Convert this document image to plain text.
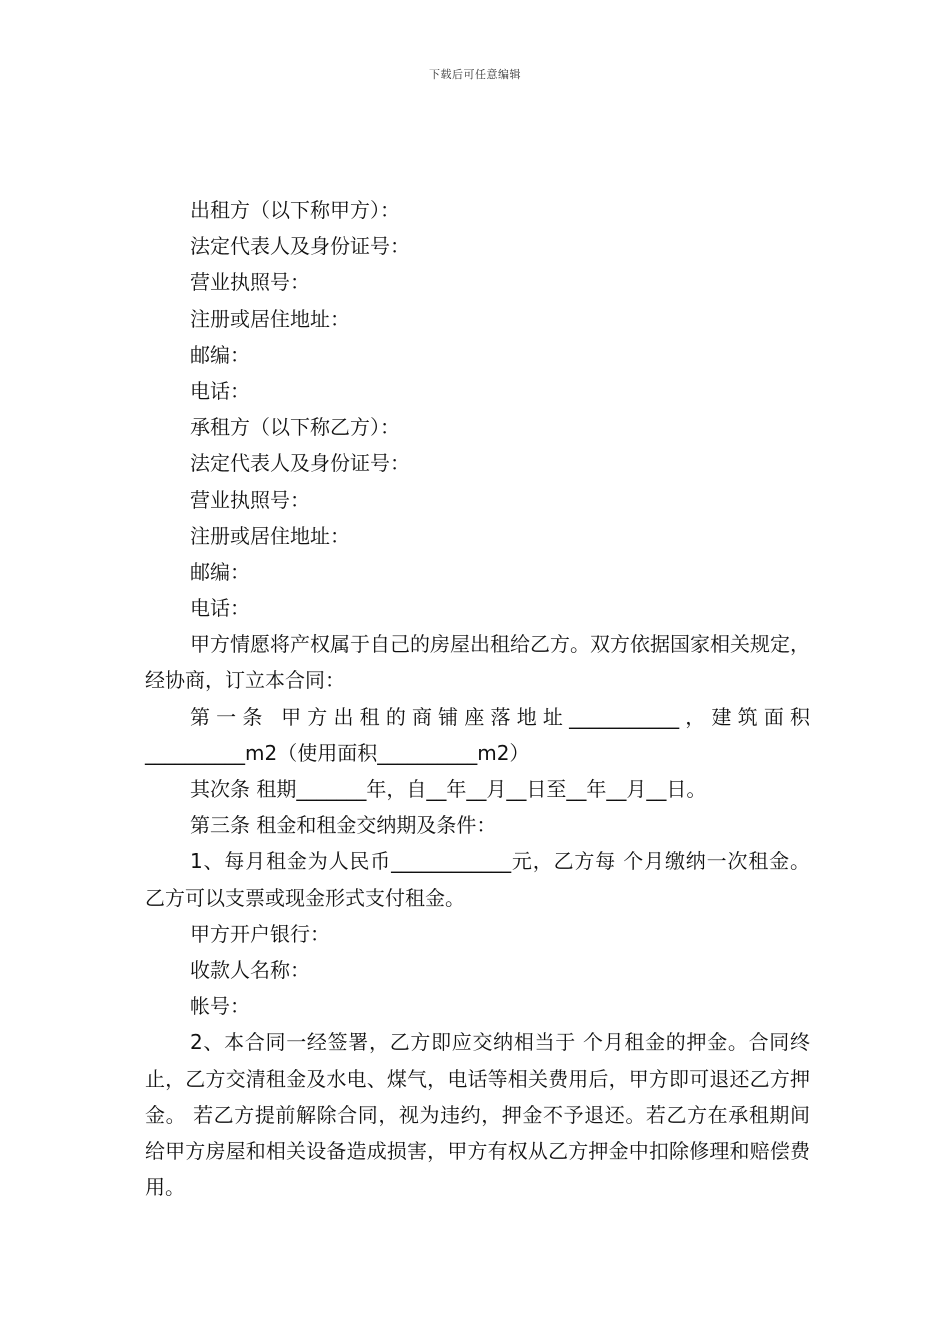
下载后可任意编辑

出租方（以下称甲方）：

法定代表人及身份证号：

营业执照号：

注册或居住地址：

邮编：

电话：

承租方（以下称乙方）：

法定代表人及身份证号：

营业执照号：

注册或居住地址：

邮编：

电话：

甲方情愿将产权属于自己的房屋出租给乙方。双方依据国家相关规定，经协商，订立本合同：

第一条 甲方出租的商铺座落地址___________，建筑面积__________m2（使用面积__________m2）

其次条 租期_______年，自__年__月__日至__年__月__日。

第三条 租金和租金交纳期及条件：

1、每月租金为人民币____________元，乙方每 个月缴纳一次租金。 乙方可以支票或现金形式支付租金。

甲方开户银行：

收款人名称：

帐号：

2、本合同一经签署，乙方即应交纳相当于 个月租金的押金。合同终止，乙方交清租金及水电、煤气，电话等相关费用后，甲方即可退还乙方押金。 若乙方提前解除合同，视为违约，押金不予退还。若乙方在承租期间给甲方房屋和相关设备造成损害，甲方有权从乙方押金中扣除修理和赔偿费用。
